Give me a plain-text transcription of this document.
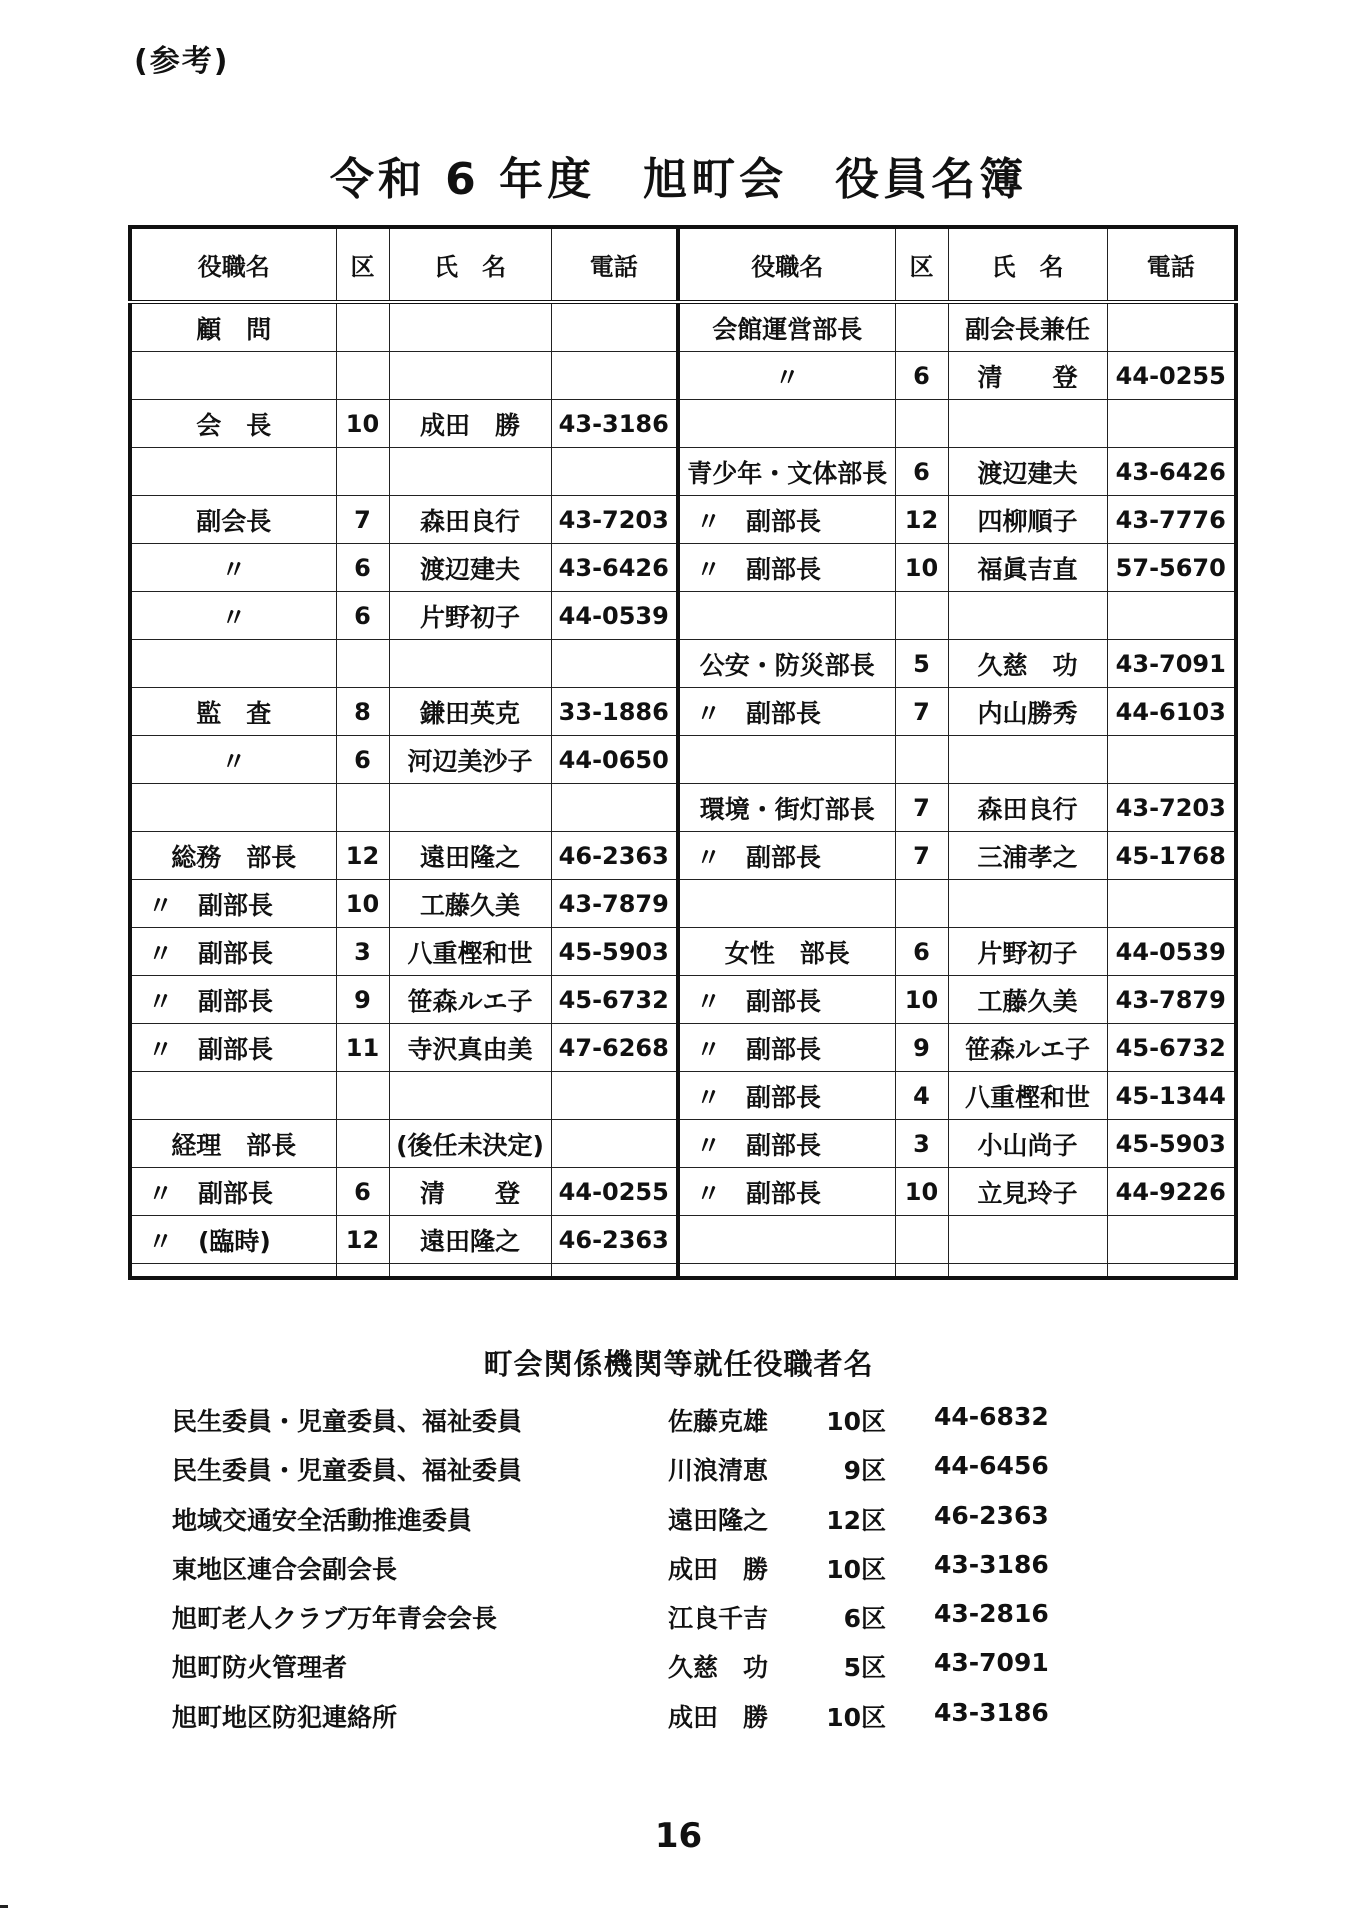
(参考)
令和 6 年度　旭町会　役員名簿
役職名	区	氏　名	電話	役職名	区	氏　名	電話
顧　問				会館運営部長		副会長兼任	
				〃	6	清　　登	44-0255
会　長	10	成田　勝	43-3186				
				青少年・文体部長	6	渡辺建夫	43-6426
副会長	7	森田良行	43-7203	〃　副部長	12	四柳順子	43-7776
〃	6	渡辺建夫	43-6426	〃　副部長	10	福眞吉直	57-5670
〃	6	片野初子	44-0539				
				公安・防災部長	5	久慈　功	43-7091
監　査	8	鎌田英克	33-1886	〃　副部長	7	内山勝秀	44-6103
〃	6	河辺美沙子	44-0650				
				環境・街灯部長	7	森田良行	43-7203
総務　部長	12	遠田隆之	46-2363	〃　副部長	7	三浦孝之	45-1768
〃　副部長	10	工藤久美	43-7879				
〃　副部長	3	八重樫和世	45-5903	女性　部長	6	片野初子	44-0539
〃　副部長	9	笹森ルエ子	45-6732	〃　副部長	10	工藤久美	43-7879
〃　副部長	11	寺沢真由美	47-6268	〃　副部長	9	笹森ルエ子	45-6732
				〃　副部長	4	八重樫和世	45-1344
経理　部長		(後任未決定)		〃　副部長	3	小山尚子	45-5903
〃　副部長	6	清　　登	44-0255	〃　副部長	10	立見玲子	44-9226
〃　(臨時)	12	遠田隆之	46-2363				

町会関係機関等就任役職者名
民生委員・児童委員、福祉委員	佐藤克雄	10区 44-6832
民生委員・児童委員、福祉委員	川浪清恵	9区 44-6456
地域交通安全活動推進委員	遠田隆之	12区 46-2363
東地区連合会副会長	成田　勝	10区 43-3186
旭町老人クラブ万年青会会長	江良千吉	6区 43-2816
旭町防火管理者	久慈　功	5区 43-7091
旭町地区防犯連絡所	成田　勝	10区 43-3186
16
